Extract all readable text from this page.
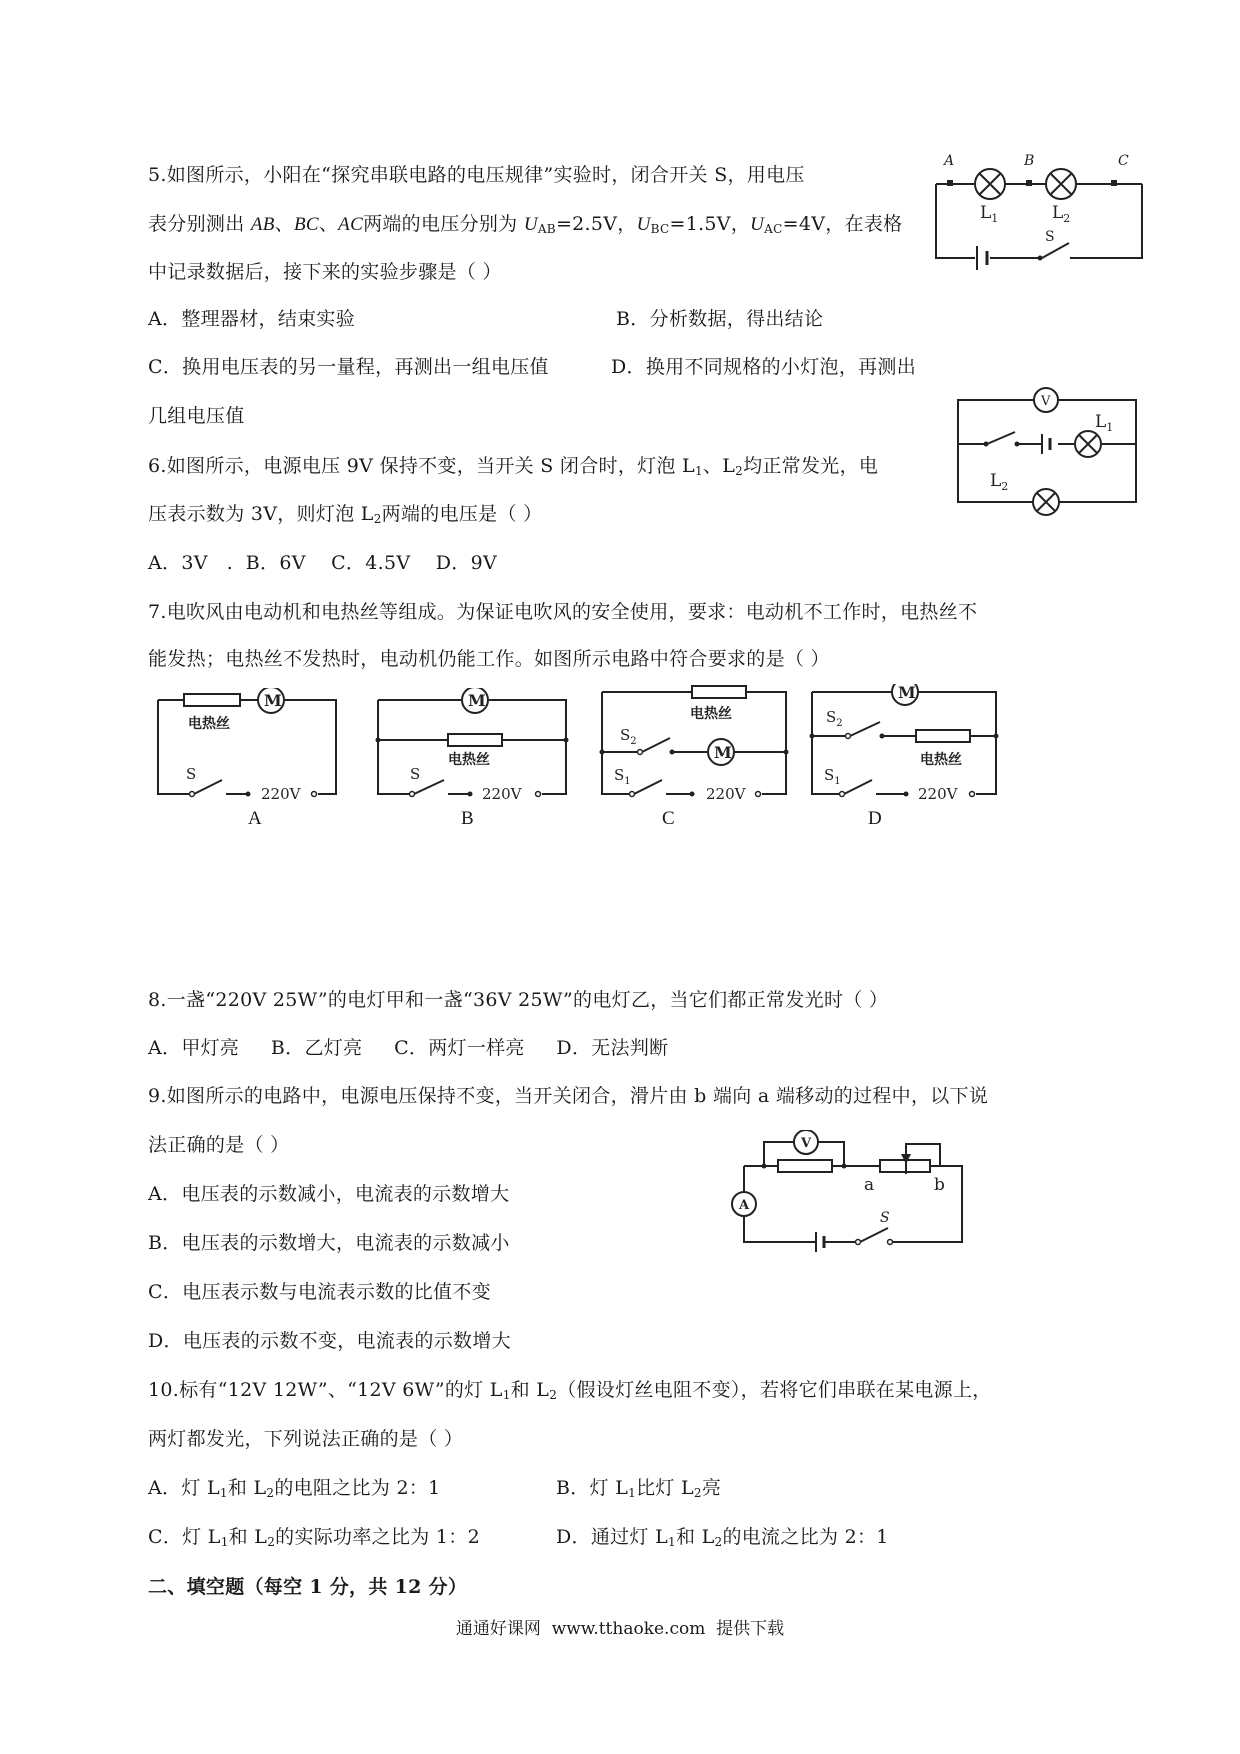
5.如图所示，小阳在“探究串联电路的电压规律”实验时，闭合开关 S，用电压
表分别测出 AB、BC、AC两端的电压分别为 $U_{AB}=2.5V$，$U_{BC}=1.5V$，$U_{AC}=4V$，在表格
中记录数据后，接下来的实验步骤是（ ）
A．整理器材，结束实验	B．分析数据，得出结论
C．换用电压表的另一量程，再测出一组电压值	D．换用不同规格的小灯泡，再测出
几组电压值
A	B	C
$L_1$	$L_2$
S
6.如图所示，电源电压 9V 保持不变，当开关 S 闭合时，灯泡 $L_1$、$L_2$均正常发光，电
压表示数为 3V，则灯泡 $L_2$两端的电压是（ ）
A．3V   .  B．6V    C．4.5V    D．9V
V
$L_1$
$L_2$
7.电吹风由电动机和电热丝等组成。为保证电吹风的安全使用，要求：电动机不工作时，电热丝不
能发热；电热丝不发热时，电动机仍能工作。如图所示电路中符合要求的是（ ）
M
电热丝
S
220V
M
电热丝
S
220V
M
电热丝
$S_2$
$S_1$
220V
M
电热丝
$S_2$
$S_1$
220V
A	B	C	D
8.一盏“220V 25W”的电灯甲和一盏“36V 25W”的电灯乙，当它们都正常发光时（ ）
A．甲灯亮     B．乙灯亮     C．两灯一样亮     D．无法判断
9.如图所示的电路中，电源电压保持不变，当开关闭合，滑片由 b 端向 a 端移动的过程中，以下说
法正确的是（ ）
A．电压表的示数减小，电流表的示数增大
B．电压表的示数增大，电流表的示数减小
C．电压表示数与电流表示数的比值不变
D．电压表的示数不变，电流表的示数增大
V
A
a	b
S
10.标有“12V 12W”、“12V 6W”的灯 $L_1$和 $L_2$（假设灯丝电阻不变），若将它们串联在某电源上，
两灯都发光，下列说法正确的是（ ）
A．灯 $L_1$和 $L_2$的电阻之比为 2：1	B．灯 $L_1$比灯 $L_2$亮
C．灯 $L_1$和 $L_2$的实际功率之比为 1：2	D．通过灯 $L_1$和 $L_2$的电流之比为 2：1
二、填空题（每空 1 分，共 12 分）
通通好课网  www.tthaoke.com  提供下载
